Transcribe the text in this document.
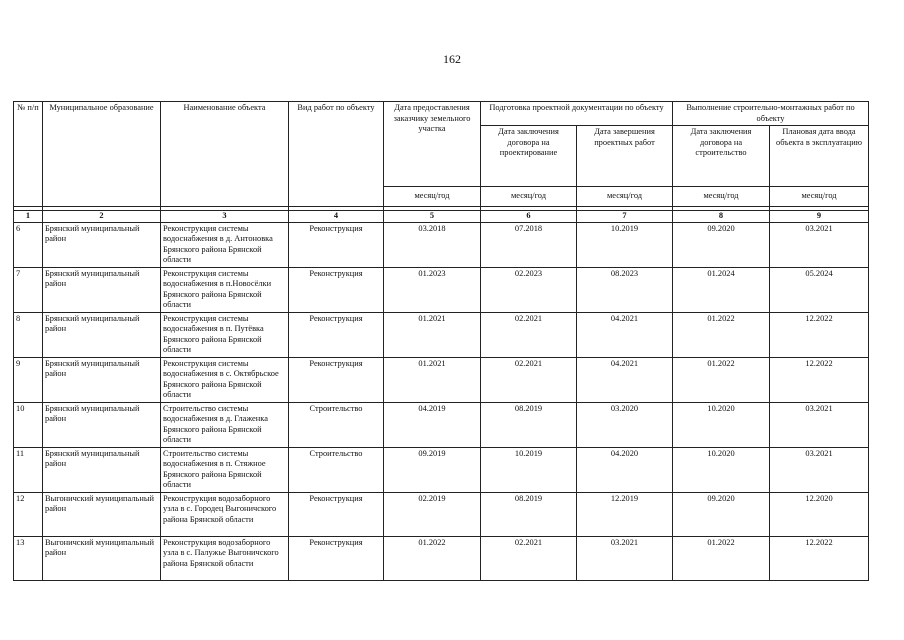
162
№ п/п	Муниципальное образование	Наименование объекта	Вид работ по объекту	Дата предоставления заказчику земельного участка	Подготовка проектной документации по объекту		Выполнение строительно-монтажных работ по объекту	
					Дата заключения договора на проектирование	Дата завершения проектных работ	Дата заключения договора на строительство	Плановая дата ввода объекта в эксплуатацию
				месяц/год	месяц/год	месяц/год	месяц/год	месяц/год

1	2	3	4	5	6	7	8	9
6	Брянский муниципальный район	Реконструкция системы водоснабжения в д. Антоновка Брянского района Брянской области	Реконструкция	03.2018	07.2018	10.2019	09.2020	03.2021
7	Брянский муниципальный район	Реконструкция системы водоснабжения в п.Новосёлки Брянского района Брянской области	Реконструкция	01.2023	02.2023	08.2023	01.2024	05.2024
8	Брянский муниципальный район	Реконструкция системы водоснабжения в п. Путёвка Брянского района Брянской области	Реконструкция	01.2021	02.2021	04.2021	01.2022	12.2022
9	Брянский муниципальный район	Реконструкция системы водоснабжения в с. Октябрьское Брянского района Брянской области	Реконструкция	01.2021	02.2021	04.2021	01.2022	12.2022
10	Брянский муниципальный район	Строительство системы водоснабжения в д. Глаженка Брянского района Брянской области	Строительство	04.2019	08.2019	03.2020	10.2020	03.2021
11	Брянский муниципальный район	Строительство системы водоснабжения в п. Стяжное Брянского района Брянской области	Строительство	09.2019	10.2019	04.2020	10.2020	03.2021
12	Выгоничский муниципальный район	Реконструкция водозаборного узла в с. Городец Выгоничского района Брянской области	Реконструкция	02.2019	08.2019	12.2019	09.2020	12.2020
13	Выгоничский муниципальный район	Реконструкция водозаборного узла в с. Палужье Выгоничского района Брянской области	Реконструкция	01.2022	02.2021	03.2021	01.2022	12.2022
